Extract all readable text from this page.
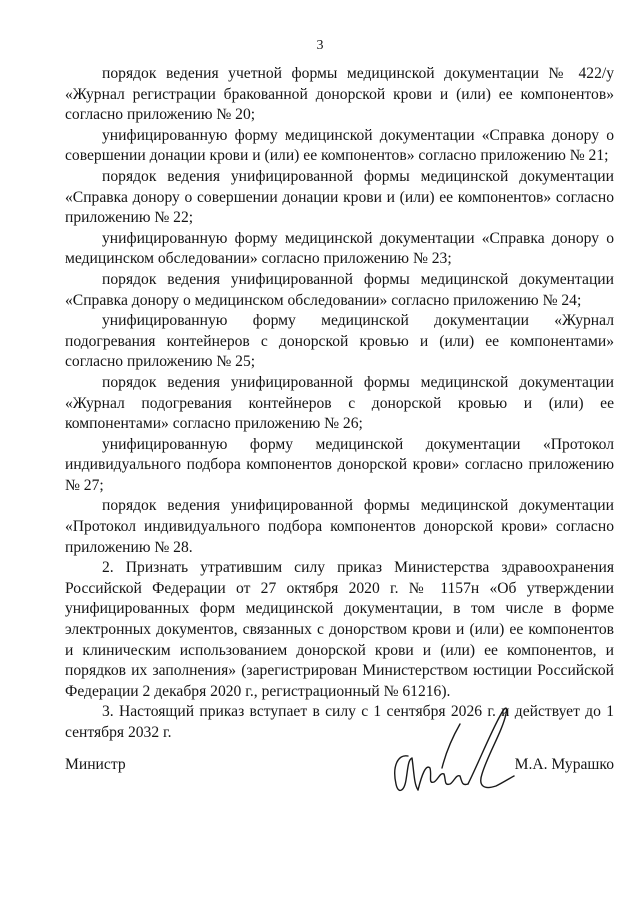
3

порядок ведения учетной формы медицинской документации № 422/у «Журнал регистрации бракованной донорской крови и (или) ее компонентов» согласно приложению № 20;

унифицированную форму медицинской документации «Справка донору о совершении донации крови и (или) ее компонентов» согласно приложению № 21;

порядок ведения унифицированной формы медицинской документации «Справка донору о совершении донации крови и (или) ее компонентов» согласно приложению № 22;

унифицированную форму медицинской документации «Справка донору о медицинском обследовании» согласно приложению № 23;

порядок ведения унифицированной формы медицинской документации «Справка донору о медицинском обследовании» согласно приложению № 24;

унифицированную форму медицинской документации «Журнал подогревания контейнеров с донорской кровью и (или) ее компонентами» согласно приложению № 25;

порядок ведения унифицированной формы медицинской документации «Журнал подогревания контейнеров с донорской кровью и (или) ее компонентами» согласно приложению № 26;

унифицированную форму медицинской документации «Протокол индивидуального подбора компонентов донорской крови» согласно приложению № 27;

порядок ведения унифицированной формы медицинской документации «Протокол индивидуального подбора компонентов донорской крови» согласно приложению № 28.

2. Признать утратившим силу приказ Министерства здравоохранения Российской Федерации от 27 октября 2020 г. № 1157н «Об утверждении унифицированных форм медицинской документации, в том числе в форме электронных документов, связанных с донорством крови и (или) ее компонентов и клиническим использованием донорской крови и (или) ее компонентов, и порядков их заполнения» (зарегистрирован Министерством юстиции Российской Федерации 2 декабря 2020 г., регистрационный № 61216).

3. Настоящий приказ вступает в силу с 1 сентября 2026 г. и действует до 1 сентября 2032 г.

Министр	М.А. Мурашко
